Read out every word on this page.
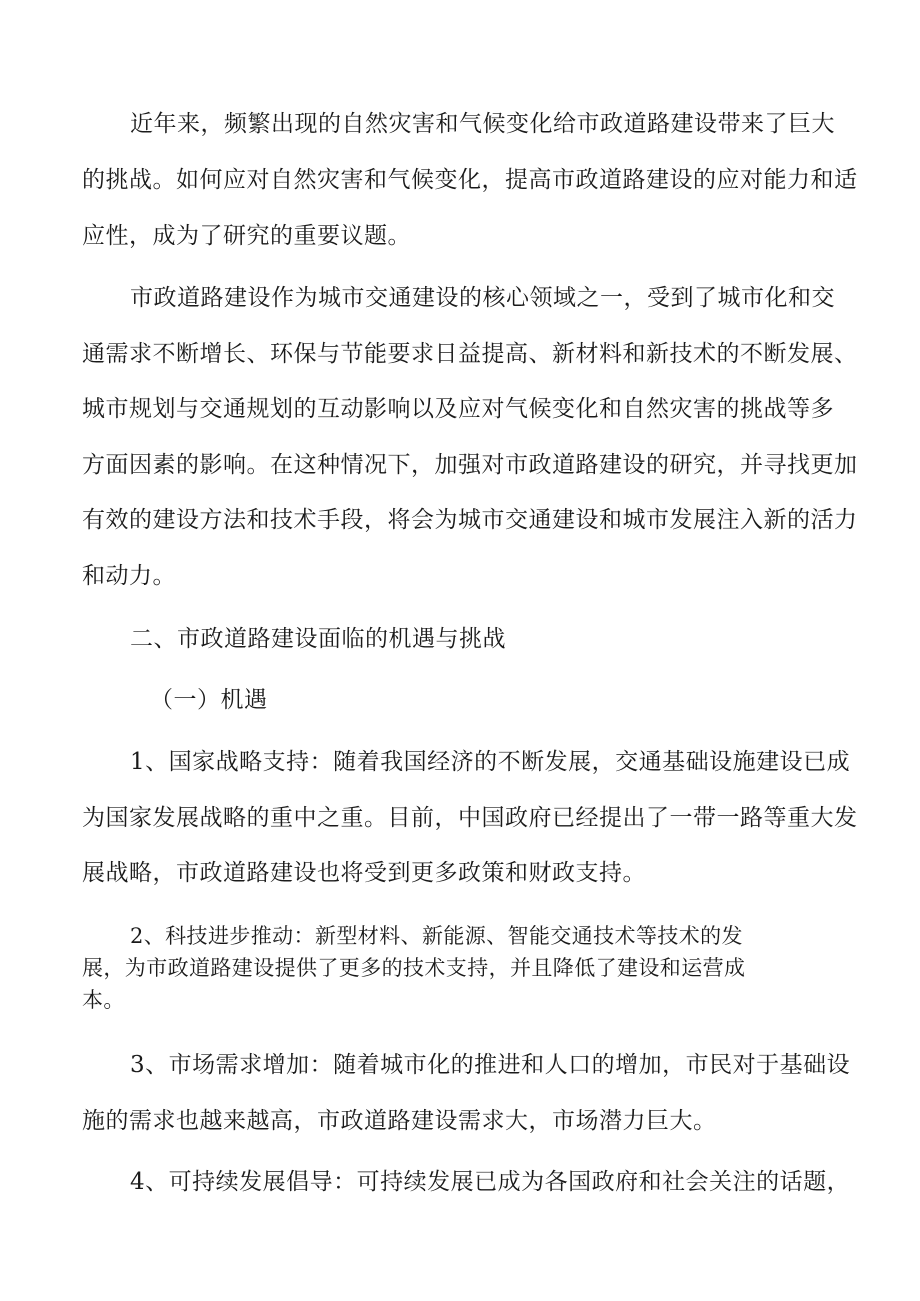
近年来，频繁出现的自然灾害和气候变化给市政道路建设带来了巨大
的挑战。如何应对自然灾害和气候变化，提高市政道路建设的应对能力和适
应性，成为了研究的重要议题。
市政道路建设作为城市交通建设的核心领域之一，受到了城市化和交
通需求不断增长、环保与节能要求日益提高、新材料和新技术的不断发展、
城市规划与交通规划的互动影响以及应对气候变化和自然灾害的挑战等多
方面因素的影响。在这种情况下，加强对市政道路建设的研究，并寻找更加
有效的建设方法和技术手段，将会为城市交通建设和城市发展注入新的活力
和动力。
二、市政道路建设面临的机遇与挑战
（一）机遇
1、国家战略支持：随着我国经济的不断发展，交通基础设施建设已成
为国家发展战略的重中之重。目前，中国政府已经提出了一带一路等重大发
展战略，市政道路建设也将受到更多政策和财政支持。
2、科技进步推动：新型材料、新能源、智能交通技术等技术的发
展，为市政道路建设提供了更多的技术支持，并且降低了建设和运营成
本。
3、市场需求增加：随着城市化的推进和人口的增加，市民对于基础设
施的需求也越来越高，市政道路建设需求大，市场潜力巨大。
4、可持续发展倡导：可持续发展已成为各国政府和社会关注的话题，
